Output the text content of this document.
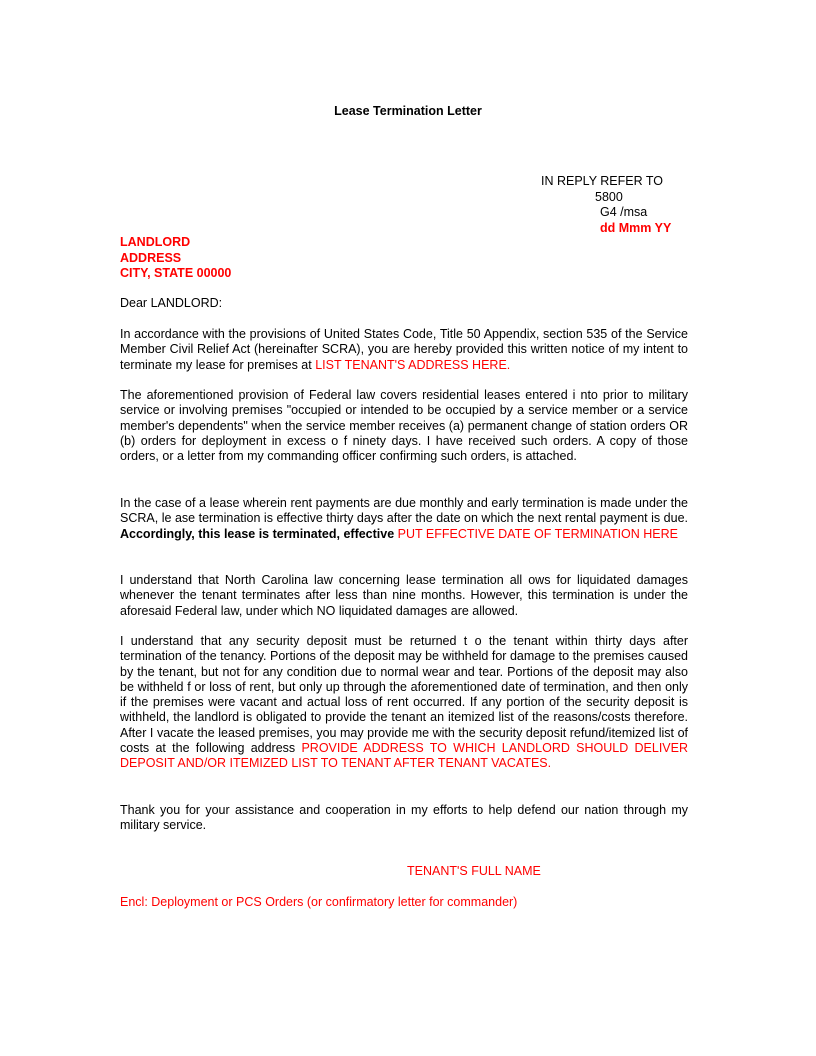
Lease Termination Letter
IN REPLY REFER TO
5800
G4 /msa
dd Mmm YY
LANDLORD
ADDRESS
CITY, STATE 00000
Dear LANDLORD:
In accordance with the provisions of United States Code, Title 50 Appendix, section 535 of the Service Member Civil Relief Act (hereinafter SCRA), you are hereby provided this written notice of my intent to terminate my lease for premises at LIST TENANT'S ADDRESS HERE.
The aforementioned provision of Federal law covers residential leases entered i nto prior to military service or involving premises "occupied or intended to be occupied by a service member or a service member's dependents" when the service member receives (a) permanent change of station orders OR (b) orders for deployment in excess o f ninety days. I have received such orders. A copy of those orders, or a letter from my commanding officer confirming such orders, is attached.
In the case of a lease wherein rent payments are due monthly and early termination is made under the SCRA, le ase termination is effective thirty days after the date on which the next rental payment is due. Accordingly, this lease is terminated, effective PUT EFFECTIVE DATE OF TERMINATION HERE
I understand that North Carolina law concerning lease termination all ows for liquidated damages whenever the tenant terminates after less than nine months. However, this termination is under the aforesaid Federal law, under which NO liquidated damages are allowed.
I understand that any security deposit must be returned t o the tenant within thirty days after termination of the tenancy. Portions of the deposit may be withheld for damage to the premises caused by the tenant, but not for any condition due to normal wear and tear. Portions of the deposit may also be withheld f or loss of rent, but only up through the aforementioned date of termination, and then only if the premises were vacant and actual loss of rent occurred. If any portion of the security deposit is withheld, the landlord is obligated to provide the tenant an itemized list of the reasons/costs therefore. After I vacate the leased premises, you may provide me with the security deposit refund/itemized list of costs at the following address PROVIDE ADDRESS TO WHICH LANDLORD SHOULD DELIVER DEPOSIT AND/OR ITEMIZED LIST TO TENANT AFTER TENANT VACATES.
Thank you for your assistance and cooperation in my efforts to help defend our nation through my military service.
TENANT'S FULL NAME
Encl: Deployment or PCS Orders (or confirmatory letter for commander)
